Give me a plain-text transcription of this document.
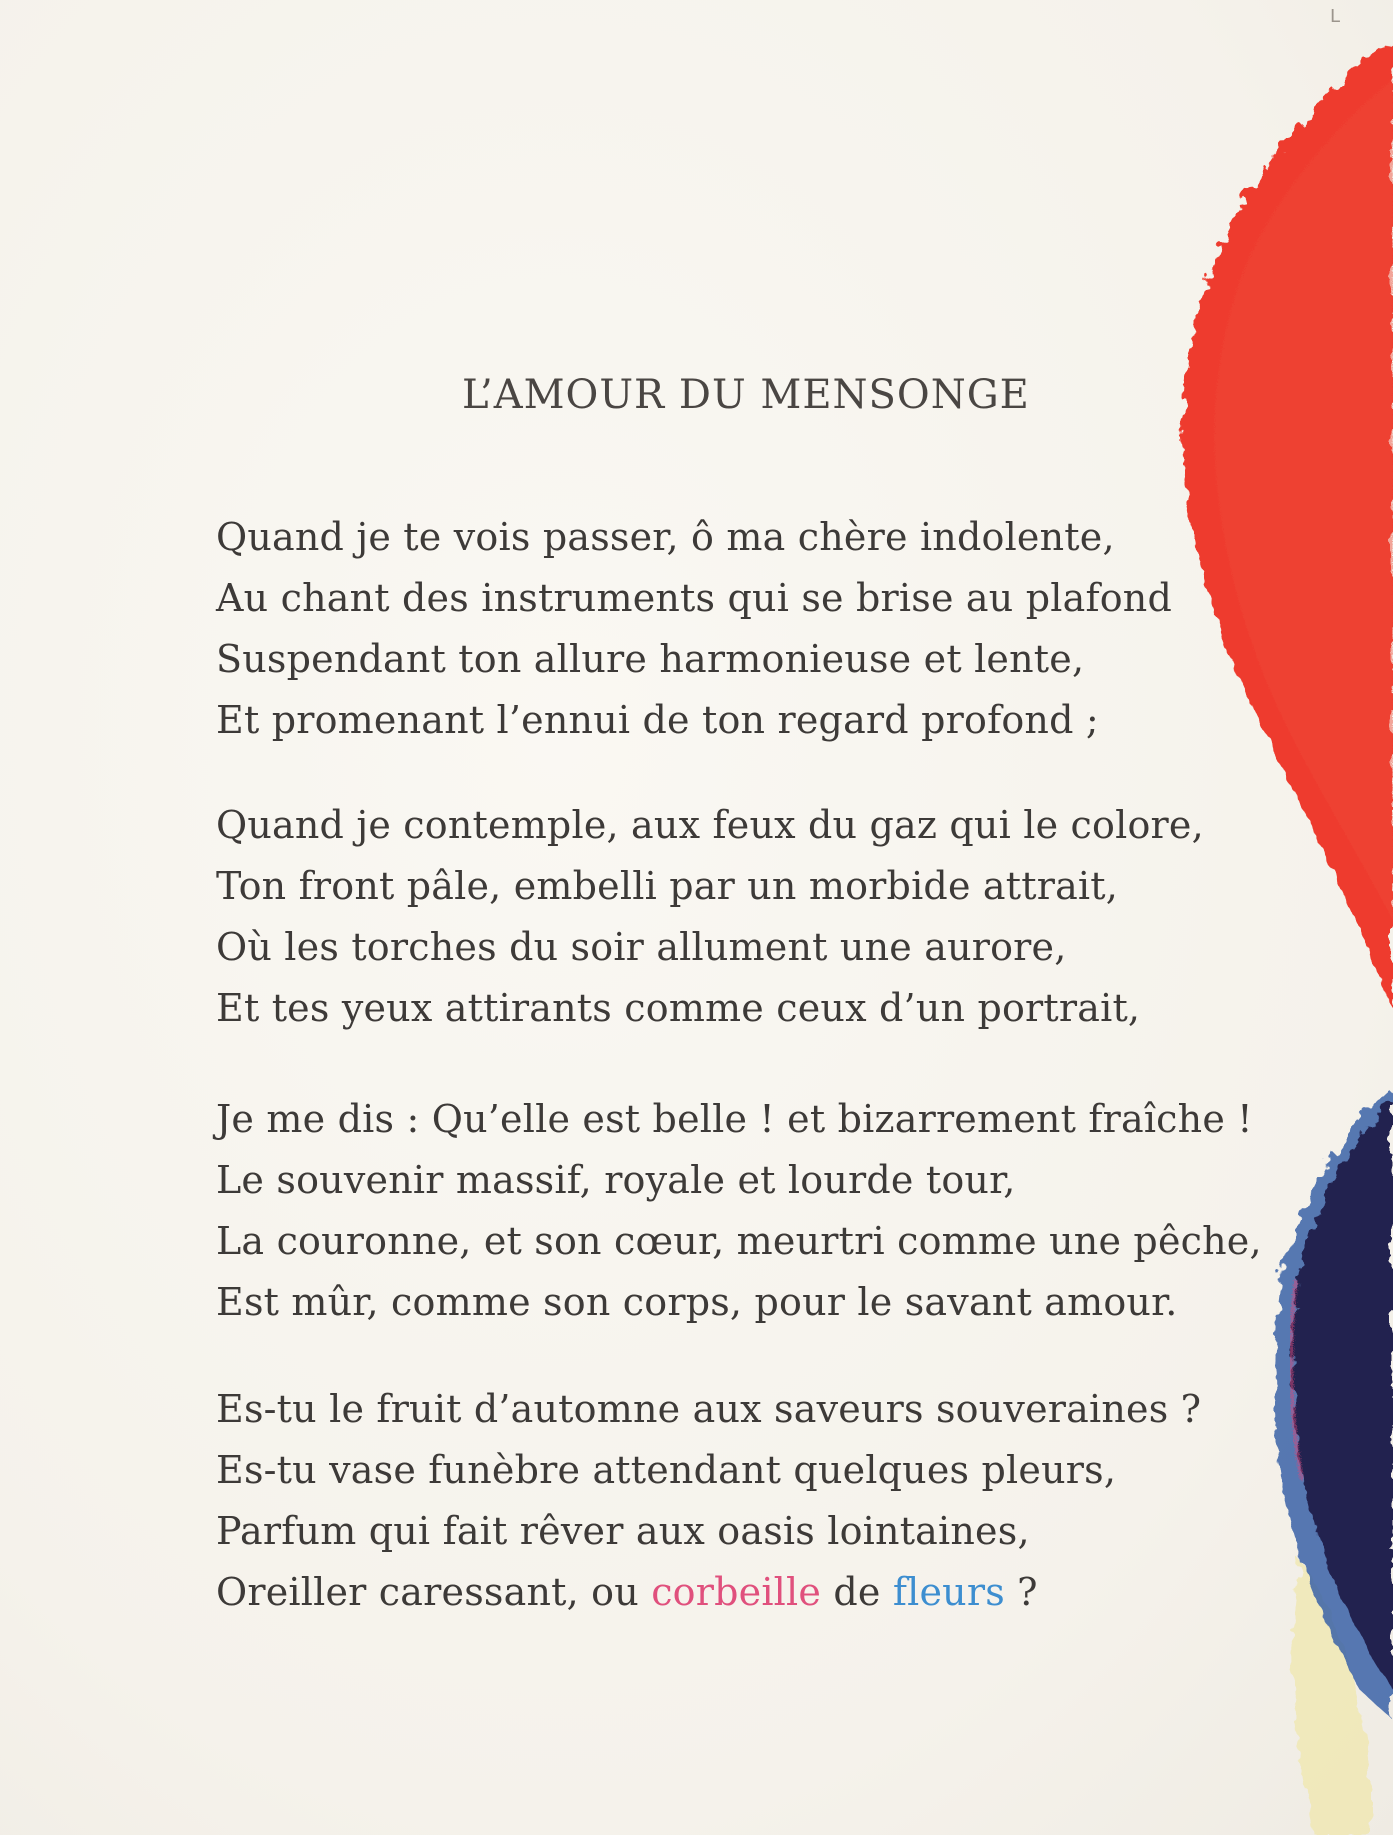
L
L’AMOUR DU MENSONGE
Quand je te vois passer, ô ma chère indolente,
Au chant des instruments qui se brise au plafond
Suspendant ton allure harmonieuse et lente,
Et promenant l’ennui de ton regard profond ;
Quand je contemple, aux feux du gaz qui le colore,
Ton front pâle, embelli par un morbide attrait,
Où les torches du soir allument une aurore,
Et tes yeux attirants comme ceux d’un portrait,
Je me dis : Qu’elle est belle ! et bizarrement fraîche !
Le souvenir massif, royale et lourde tour,
La couronne, et son cœur, meurtri comme une pêche,
Est mûr, comme son corps, pour le savant amour.
Es-tu le fruit d’automne aux saveurs souveraines ?
Es-tu vase funèbre attendant quelques pleurs,
Parfum qui fait rêver aux oasis lointaines,
Oreiller caressant, ou corbeille de fleurs ?
